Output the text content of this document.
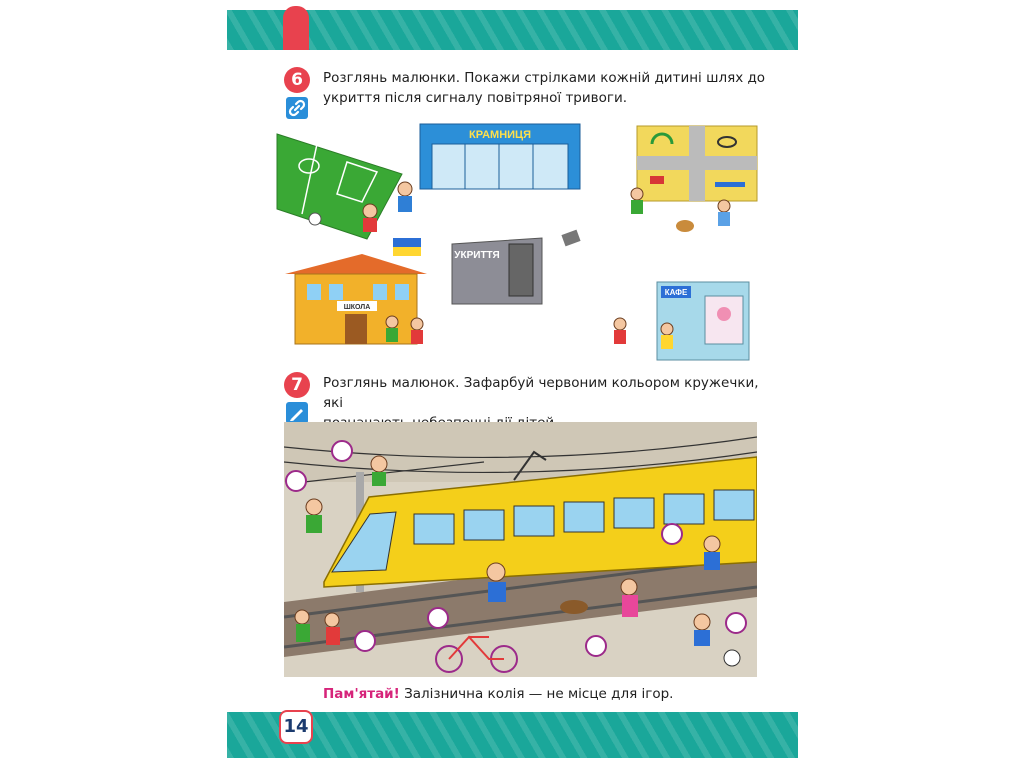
6	Розглянь малюнки. Покажи стрілками кожній дитині шлях до
укриття після сигналу повітряної тривоги.
КРАМНИЦЯ
УКРИТТЯ
ШКОЛА
КАФЕ
7	Розглянь малюнок. Зафарбуй червоним кольором кружечки, які
Пам'ятай! Залізнична колія — не місце для ігор.
14
